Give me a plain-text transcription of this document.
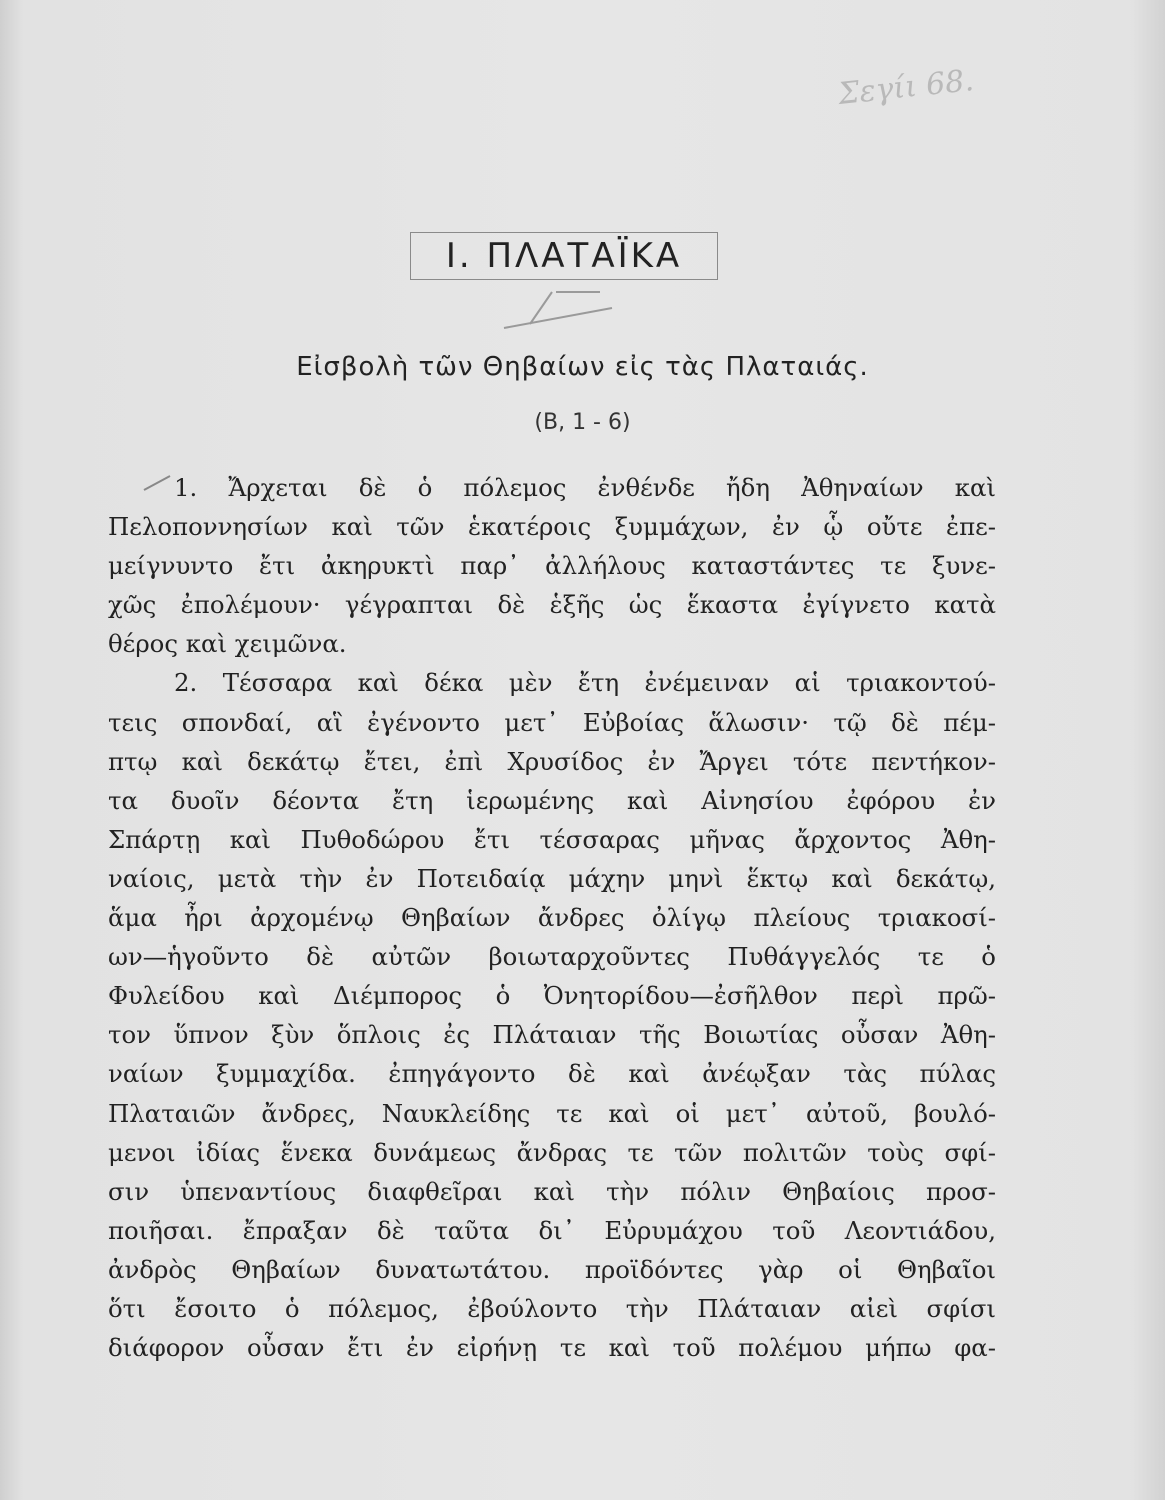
Σεγίι 68.
I. ΠΛΑΤΑΪΚΑ
Εἰσβολὴ τῶν Θηβαίων εἰς τὰς Πλαταιάς.
(Β, 1 - 6)
1. Ἄρχεται δὲ ὁ πόλεμος ἐνθένδε ἤδη Ἀθηναίων καὶ
Πελοποννησίων καὶ τῶν ἑκατέροις ξυμμάχων, ἐν ᾧ οὔτε ἐπε-
μείγνυντο ἔτι ἀκηρυκτὶ παρ᾽ ἀλλήλους καταστάντες τε ξυνε-
χῶς ἐπολέμουν· γέγραπται δὲ ἑξῆς ὡς ἕκαστα ἐγίγνετο κατὰ
θέρος καὶ χειμῶνα.
2. Τέσσαρα καὶ δέκα μὲν ἔτη ἐνέμειναν αἱ τριακοντού-
τεις σπονδαί, αἳ ἐγένοντο μετ᾽ Εὐβοίας ἅλωσιν· τῷ δὲ πέμ-
πτῳ καὶ δεκάτῳ ἔτει, ἐπὶ Χρυσίδος ἐν Ἄργει τότε πεντήκον-
τα δυοῖν δέοντα ἔτη ἱερωμένης καὶ Αἰνησίου ἐφόρου ἐν
Σπάρτῃ καὶ Πυθοδώρου ἔτι τέσσαρας μῆνας ἄρχοντος Ἀθη-
ναίοις, μετὰ τὴν ἐν Ποτειδαίᾳ μάχην μηνὶ ἕκτῳ καὶ δεκάτῳ,
ἅμα ἦρι ἀρχομένῳ Θηβαίων ἄνδρες ὀλίγῳ πλείους τριακοσί-
ων—ἡγοῦντο δὲ αὐτῶν βοιωταρχοῦντες Πυθάγγελός τε ὁ
Φυλείδου καὶ Διέμπορος ὁ Ὀνητορίδου—ἐσῆλθον περὶ πρῶ-
τον ὕπνον ξὺν ὅπλοις ἐς Πλάταιαν τῆς Βοιωτίας οὖσαν Ἀθη-
ναίων ξυμμαχίδα. ἐπηγάγοντο δὲ καὶ ἀνέῳξαν τὰς πύλας
Πλαταιῶν ἄνδρες, Ναυκλείδης τε καὶ οἱ μετ᾽ αὐτοῦ, βουλό-
μενοι ἰδίας ἕνεκα δυνάμεως ἄνδρας τε τῶν πολιτῶν τοὺς σφί-
σιν ὑπεναντίους διαφθεῖραι καὶ τὴν πόλιν Θηβαίοις προσ-
ποιῆσαι. ἔπραξαν δὲ ταῦτα δι᾽ Εὐρυμάχου τοῦ Λεοντιάδου,
ἀνδρὸς Θηβαίων δυνατωτάτου. προϊδόντες γὰρ οἱ Θηβαῖοι
ὅτι ἔσοιτο ὁ πόλεμος, ἐβούλοντο τὴν Πλάταιαν αἰεὶ σφίσι
διάφορον οὖσαν ἔτι ἐν εἰρήνῃ τε καὶ τοῦ πολέμου μήπω φα-
